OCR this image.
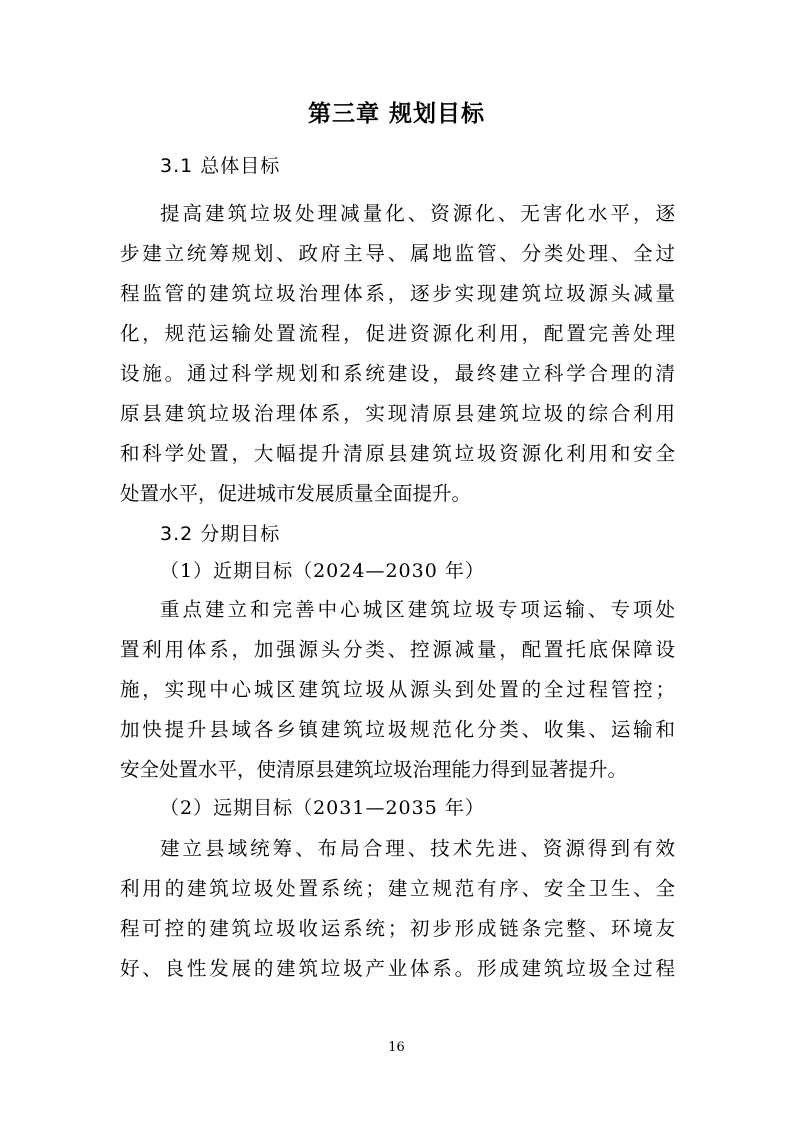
第三章 规划目标
3.1 总体目标
提高建筑垃圾处理减量化、资源化、无害化水平，逐
步建立统筹规划、政府主导、属地监管、分类处理、全过
程监管的建筑垃圾治理体系，逐步实现建筑垃圾源头减量
化，规范运输处置流程，促进资源化利用，配置完善处理
设施。通过科学规划和系统建设，最终建立科学合理的清
原县建筑垃圾治理体系，实现清原县建筑垃圾的综合利用
和科学处置，大幅提升清原县建筑垃圾资源化利用和安全
处置水平，促进城市发展质量全面提升。
3.2 分期目标
（1）近期目标（2024—2030 年）
重点建立和完善中心城区建筑垃圾专项运输、专项处
置利用体系，加强源头分类、控源减量，配置托底保障设
施，实现中心城区建筑垃圾从源头到处置的全过程管控；
加快提升县域各乡镇建筑垃圾规范化分类、收集、运输和
安全处置水平，使清原县建筑垃圾治理能力得到显著提升。
（2）远期目标（2031—2035 年）
建立县域统筹、布局合理、技术先进、资源得到有效
利用的建筑垃圾处置系统；建立规范有序、安全卫生、全
程可控的建筑垃圾收运系统；初步形成链条完整、环境友
好、良性发展的建筑垃圾产业体系。形成建筑垃圾全过程
16
